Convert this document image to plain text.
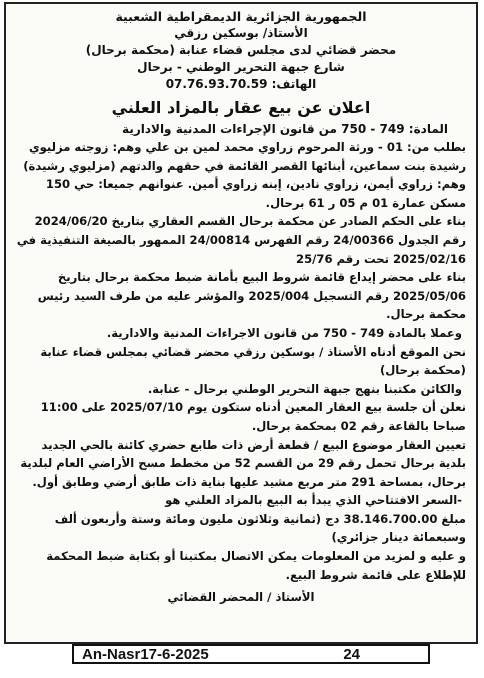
الجمهورية الجزائرية الديمقراطية الشعبية
الأستاذ/ بوسكين رزقي
محضر قضائي لدى مجلس قضاء عنابة (محكمة برحال)
شارع جبهة التحرير الوطني - برحال
الهاتف: 07.76.93.70.59
اعلان عن بيع عقار بالمزاد العلني
المادة: 749 - 750 من قانون الإجراءات المدنية والادارية

بطلب من: 01 - ورثة المرحوم زراوي محمد لمين بن علي وهم: زوجته مزليوي رشيدة بنت سماعين، أبنائها القصر القائمة في حقهم والدتهم (مزليوي رشيدة) وهم: زراوي أيمن، زراوي نادين، إبنه زراوي أمين. عنوانهم جميعا: حي 150 مسكن عمارة 01 م 05 ر 61 برحال.

بناء على الحكم الصادر عن محكمة برحال القسم العقاري بتاريخ 2024/06/20 رقم الجدول 24/00366 رقم الفهرس 24/00814 الممهور بالصيغة التنفيذية في 2025/02/16 تحت رقم 25/76

بناء على محضر إيداع قائمة شروط البيع بأمانة ضبط محكمة برحال بتاريخ 2025/05/06 رقم التسجيل 2025/004 والمؤشر عليه من طرف السيد رئيس محكمة برحال.

وعملا بالمادة 749 - 750 من قانون الاجراءات المدنية والادارية.

نحن الموقع أدناه الأستاذ / بوسكين رزقي محضر قضائي بمجلس قضاء عنابة (محكمة برحال)

والكائن مكتبنا بنهج جبهة التحرير الوطني برحال - عنابة.

نعلن أن جلسة بيع العقار المعين أدناه ستكون يوم 2025/07/10 على 11:00 صباحا بالقاعة رقم 02 بمحكمة برحال.

تعيين العقار موضوع البيع / قطعة أرض ذات طابع حضري كائنة بالحي الجديد بلدية برحال تحمل رقم 29 من القسم 52 من مخطط مسح الأراضي العام لبلدية برحال، بمساحة 291 متر مربع مشيد عليها بناية ذات طابق أرضي وطابق أول.

-السعر الافتتاحي الذي يبدأ به البيع بالمزاد العلني هو

مبلغ 38.146.700.00 دج (ثمانية وثلاثون مليون ومائة وستة وأربعون ألف وسبعمائة دينار جزائري)

و عليه و لمزيد من المعلومات يمكن الاتصال بمكتبنا أو بكتابة ضبط المحكمة للإطلاع على قائمة شروط البيع.

الأستاذ / المحضر القضائي
An-Nasr17-6-2025	24
